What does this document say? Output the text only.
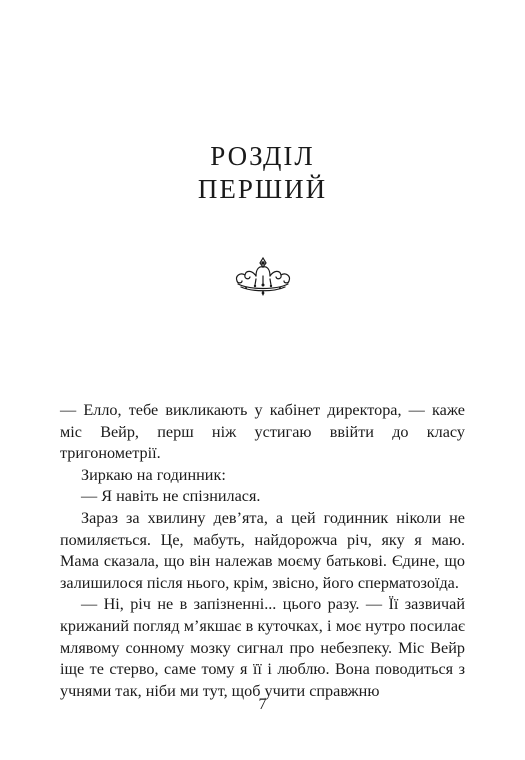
РОЗДІЛ
ПЕРШИЙ

— Елло, тебе викликають у кабінет директора, — каже міс Вейр, перш ніж устигаю ввійти до класу тригонометрії.

Зиркаю на годинник:

— Я навіть не спізнилася.

Зараз за хвилину дев’ята, а цей годинник ніколи не помиляється. Це, мабуть, найдорожча річ, яку я маю. Мама сказала, що він належав моєму батькові. Єдине, що залишилося після нього, крім, звісно, його сперматозоїда.

— Ні, річ не в запізненні... цього разу. — Її зазвичай крижаний погляд м’якшає в куточках, і моє нутро посилає млявому сонному мозку сигнал про небезпеку. Міс Вейр іще те стерво, саме тому я її і люблю. Вона поводиться з учнями так, ніби ми тут, щоб учити справжню

7
